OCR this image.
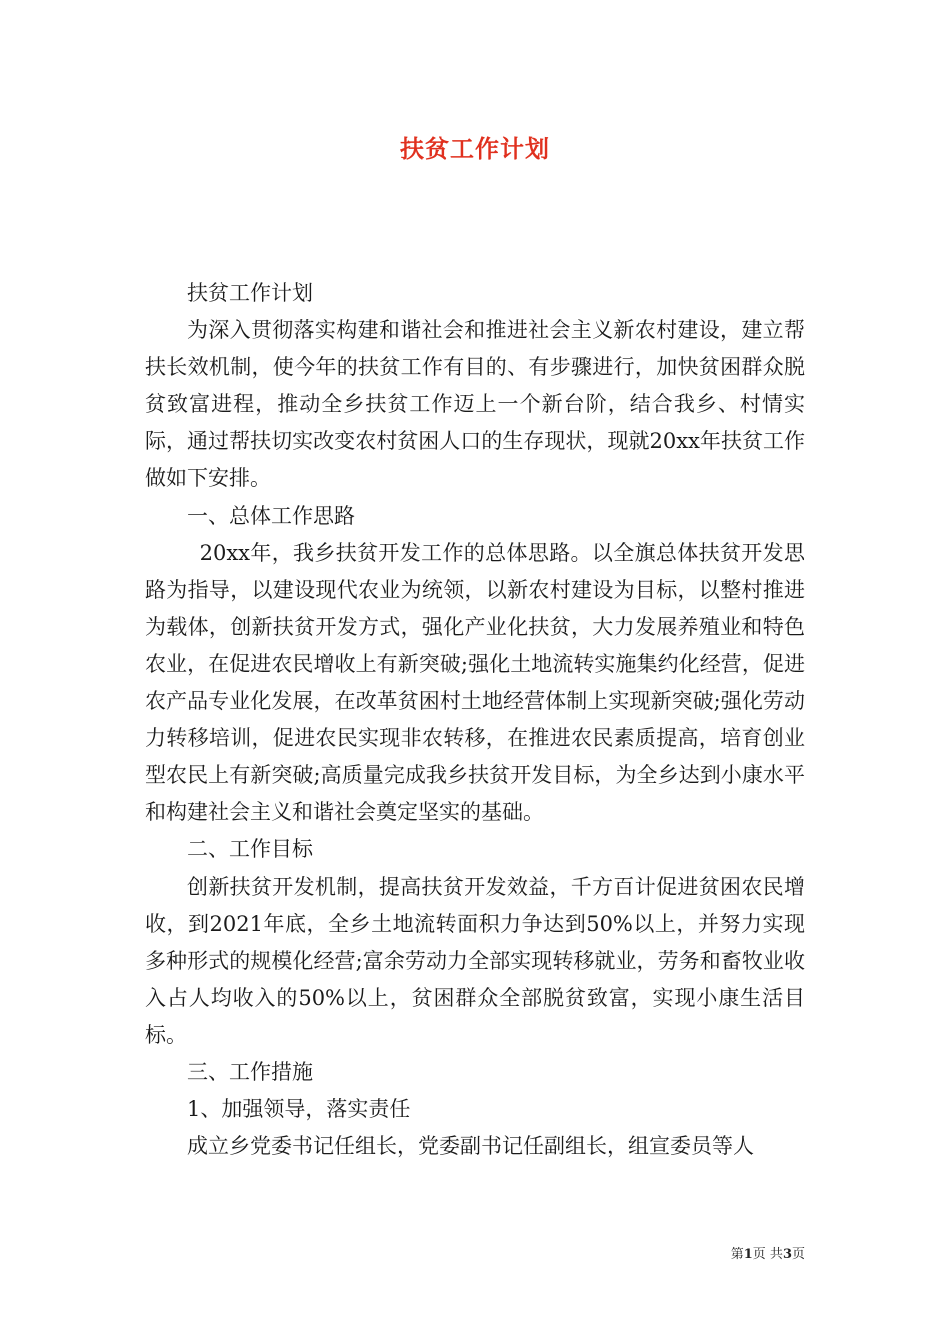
扶贫工作计划

扶贫工作计划

为深入贯彻落实构建和谐社会和推进社会主义新农村建设，建立帮扶长效机制，使今年的扶贫工作有目的、有步骤进行，加快贫困群众脱贫致富进程，推动全乡扶贫工作迈上一个新台阶，结合我乡、村情实际，通过帮扶切实改变农村贫困人口的生存现状，现就20xx年扶贫工作做如下安排。

一、总体工作思路

20xx年，我乡扶贫开发工作的总体思路。以全旗总体扶贫开发思路为指导，以建设现代农业为统领，以新农村建设为目标，以整村推进为载体，创新扶贫开发方式，强化产业化扶贫，大力发展养殖业和特色农业，在促进农民增收上有新突破;强化土地流转实施集约化经营，促进农产品专业化发展，在改革贫困村土地经营体制上实现新突破;强化劳动力转移培训，促进农民实现非农转移，在推进农民素质提高，培育创业型农民上有新突破;高质量完成我乡扶贫开发目标，为全乡达到小康水平和构建社会主义和谐社会奠定坚实的基础。

二、工作目标

创新扶贫开发机制，提高扶贫开发效益，千方百计促进贫困农民增收，到2021年底，全乡土地流转面积力争达到50%以上，并努力实现多种形式的规模化经营;富余劳动力全部实现转移就业，劳务和畜牧业收入占人均收入的50%以上，贫困群众全部脱贫致富，实现小康生活目标。

三、工作措施

1、加强领导，落实责任

成立乡党委书记任组长，党委副书记任副组长，组宣委员等人

第1页 共3页
